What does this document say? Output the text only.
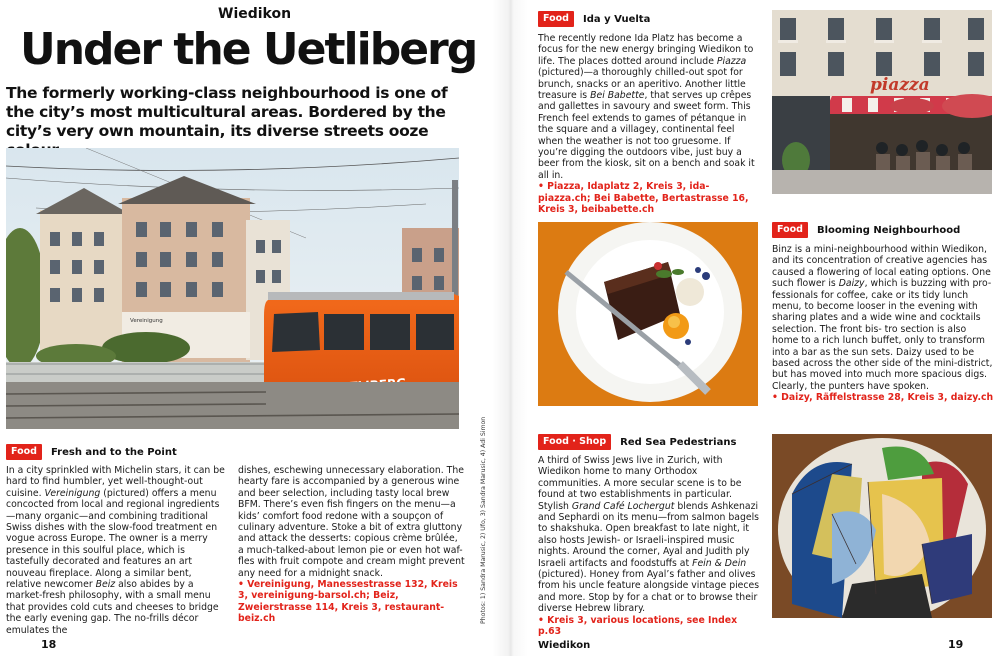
Wiedikon
Under the Uetliberg
The formerly working-class neighbourhood is one of the city’s most multicultural areas. Bordered by the city’s very own mountain, its diverse streets ooze
Vereinigung
Photos: 1) Sandra Marusic, 2) Ufo, 3) Sandra Marusic, 4) Adi Simon
Food	Fresh and to the Point

In a city sprinkled with Michelin stars, it can be hard to find humbler, yet well-thought-out cuisine. Vereinigung (pictured) offers a menu concocted from local and regional ingredients—many organic—and combining traditional Swiss dishes with the slow-food treatment en vogue across Europe. The owner is a merry presence in this soulful place, which is tastefully decorated and features an art nouveau fireplace. Along a similar bent, relative newcomer Beiz also abides by a market-fresh philosophy, with a small menu that provides cold cuts and cheeses to bridge the early evening gap. The no-frills décor emulates the

dishes, eschewing unnecessary elaboration. The hearty fare is accompanied by a generous wine and beer selection, including tasty local brew BFM. There’s even fish fingers on the menu—a kids’ comfort food redone with a soupçon of culinary adventure. Stoke a bit of extra gluttony and attack the desserts: copious crème brûlée, a much-talked-about lemon pie or even hot waf-fles with fruit compote and cream might prevent any need for a midnight snack.

• Vereinigung, Manessestrasse 132, Kreis 3, vereinigung-barsol.ch; Beiz, Zweierstrasse 114, Kreis 3, restaurant-beiz.ch

18
Food	Ida y Vuelta

The recently redone Ida Platz has become a focus for the new energy bringing Wiedikon to life. The places dotted around include Piazza (pictured)—a thoroughly chilled-out spot for brunch, snacks or an aperitivo. Another little treasure is Bei Babette, that serves up crêpes and gallettes in savoury and sweet form. This French feel extends to games of pétanque in the square and a villagey, continental feel when the weather is not too gruesome. If you’re digging the outdoors vibe, just buy a beer from the kiosk, sit on a bench and soak it all in.

• Piazza, Idaplatz 2, Kreis 3, ida-piazza.ch; Bei Babette, Bertastrasse 16, Kreis 3, beibabette.ch

piazza
Food	Blooming Neighbourhood

Binz is a mini-neighbourhood within Wiedikon, and its concentration of creative agencies has caused a flowering of local eating options. One such flower is Daizy, which is buzzing with pro- fessionals for coffee, cake or its tidy lunch menu, to become looser in the evening with sharing plates and a wide wine and cocktails selection. The front bis- tro section is also home to a rich lunch buffet, only to transform into a bar as the sun sets. Daizy used to be based across the other side of the mini-district, but has moved into much more spacious digs. Clearly, the punters have spoken.

• Daizy, Räffelstrasse 28, Kreis 3, daizy.ch

Food · Shop	Red Sea Pedestrians

A third of Swiss Jews live in Zurich, with Wiedikon home to many Orthodox communities. A more secular scene is to be found at two establishments in particular. Stylish Grand Café Lochergut blends Ashkenazi and Sephardi on its menu—from salmon bagels to shakshuka. Open breakfast to late night, it also hosts Jewish- or Israeli-inspired music nights. Around the corner, Ayal and Judith ply Israeli artifacts and foodstuffs at Fein & Dein (pictured). Honey from Ayal’s father and olives from his uncle feature alongside vintage pieces and more. Stop by for a chat or to browse their diverse Hebrew library.

• Kreis 3, various locations, see Index p.63

Wiedikon	19
